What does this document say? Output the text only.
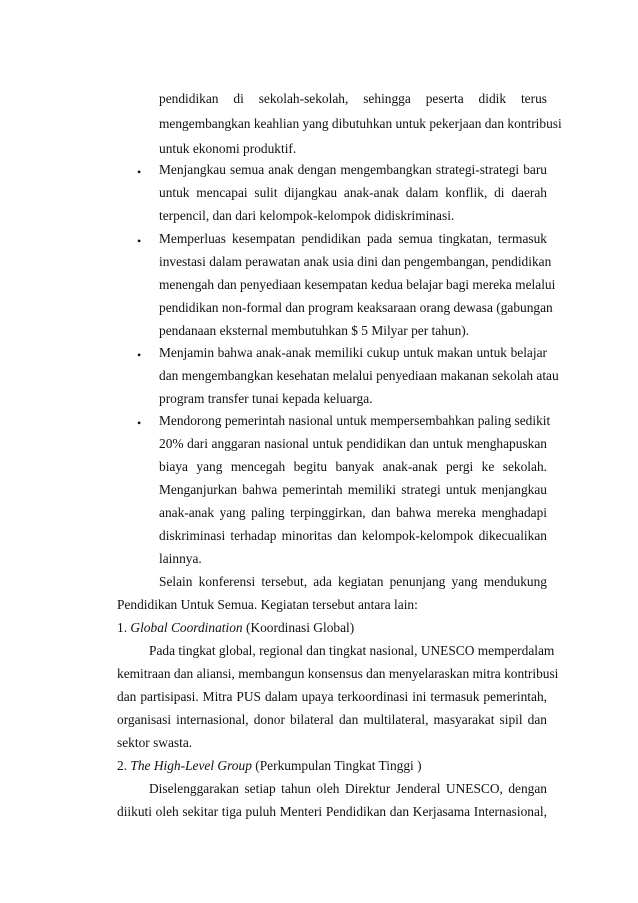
pendidikan di sekolah-sekolah, sehingga peserta didik terus
mengembangkan keahlian yang dibutuhkan untuk pekerjaan dan kontribusi
untuk ekonomi produktif.
•
Menjangkau semua anak dengan mengembangkan strategi-strategi baru
untuk mencapai sulit dijangkau anak-anak dalam konflik, di daerah
terpencil, dan dari kelompok-kelompok didiskriminasi.
•
Memperluas kesempatan pendidikan pada semua tingkatan, termasuk
investasi dalam perawatan anak usia dini dan pengembangan, pendidikan
menengah dan penyediaan kesempatan kedua belajar bagi mereka melalui
pendidikan non-formal dan program keaksaraan orang dewasa (gabungan
pendanaan eksternal membutuhkan $ 5 Milyar per tahun).
•
Menjamin bahwa anak-anak memiliki cukup untuk makan untuk belajar
dan mengembangkan kesehatan melalui penyediaan makanan sekolah atau
program transfer tunai kepada keluarga.
•
Mendorong pemerintah nasional untuk mempersembahkan paling sedikit
20% dari anggaran nasional untuk pendidikan dan untuk menghapuskan
biaya yang mencegah begitu banyak anak-anak pergi ke sekolah.
Menganjurkan bahwa pemerintah memiliki strategi untuk menjangkau
anak-anak yang paling terpinggirkan, dan bahwa mereka menghadapi
diskriminasi terhadap minoritas dan kelompok-kelompok dikecualikan
lainnya.
Selain konferensi tersebut, ada kegiatan penunjang yang mendukung
Pendidikan Untuk Semua. Kegiatan tersebut antara lain:
1. Global Coordination (Koordinasi Global)
Pada tingkat global, regional dan tingkat nasional, UNESCO memperdalam
kemitraan dan aliansi, membangun konsensus dan menyelaraskan mitra kontribusi
dan partisipasi. Mitra PUS dalam upaya terkoordinasi ini termasuk pemerintah,
organisasi internasional, donor bilateral dan multilateral, masyarakat sipil dan
sektor swasta.
2. The High-Level Group (Perkumpulan Tingkat Tinggi )
Diselenggarakan setiap tahun oleh Direktur Jenderal UNESCO, dengan
diikuti oleh sekitar tiga puluh Menteri Pendidikan dan Kerjasama Internasional,
